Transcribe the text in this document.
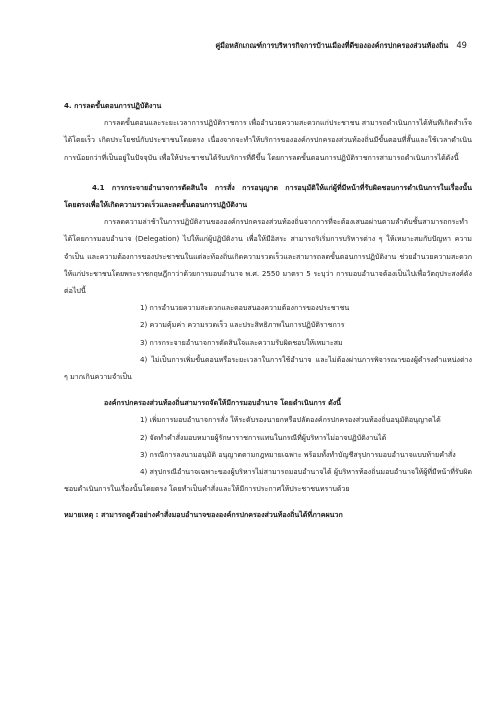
คู่มือหลักเกณฑ์การบริหารกิจการบ้านเมืองที่ดีขององค์กรปกครองส่วนท้องถิ่น 49

4. การลดขั้นตอนการปฏิบัติงาน

การลดขั้นตอนและระยะเวลาการปฏิบัติราชการ เพื่ออำนวยความสะดวกแก่ประชาชน สามารถดำเนินการได้ทันทีเกิดสำเร็จได้โดยเร็ว เกิดประโยชน์กับประชาชนโดยตรง เนื่องจากจะทำให้บริการขององค์กรปกครองส่วนท้องถิ่นมีขั้นตอนที่สั้นและใช้เวลาดำเนินการน้อยกว่าที่เป็นอยู่ในปัจจุบัน เพื่อให้ประชาชนได้รับบริการที่ดีขึ้น โดยการลดขั้นตอนการปฏิบัติราชการสามารถดำเนินการได้ดังนี้

4.1 การกระจายอำนาจการตัดสินใจ การสั่ง การอนุญาต การอนุมัติให้แก่ผู้ที่มีหน้าที่รับผิดชอบการดำเนินการในเรื่องนั้นโดยตรงเพื่อให้เกิดความรวดเร็วและลดขั้นตอนการปฏิบัติงาน

การลดความล่าช้าในการปฏิบัติงานขององค์กรปกครองส่วนท้องถิ่นจากการที่จะต้องเสนอผ่านตามลำดับชั้นสามารถกระทำได้โดยการมอบอำนาจ (Delegation) ไปให้แก่ผู้ปฏิบัติงาน เพื่อให้มีอิสระ สามารถริเริ่มการบริหารต่าง ๆ ให้เหมาะสมกับปัญหา ความจำเป็น และความต้องการของประชาชนในแต่ละท้องถิ่นเกิดความรวดเร็วและสามารถลดขั้นตอนการปฏิบัติงาน ช่วยอำนวยความสะดวกให้แก่ประชาชนโดยพระราชกฤษฎีกาว่าด้วยการมอบอำนาจ พ.ศ. 2550 มาตรา 5 ระบุว่า การมอบอำนาจต้องเป็นไปเพื่อวัตถุประสงค์ดังต่อไปนี้

1) การอำนวยความสะดวกและตอบสนองความต้องการของประชาชน

2) ความคุ้มค่า ความรวดเร็ว และประสิทธิภาพในการปฏิบัติราชการ

3) การกระจายอำนาจการตัดสินใจและความรับผิดชอบให้เหมาะสม

4) ไม่เป็นการเพิ่มขั้นตอนหรือระยะเวลาในการใช้อำนาจ และไม่ต้องผ่านการพิจารณาของผู้ดำรงตำแหน่งต่าง ๆ มากเกินความจำเป็น

องค์กรปกครองส่วนท้องถิ่นสามารถจัดให้มีการมอบอำนาจ โดยดำเนินการ ดังนี้

1) เพิ่มการมอบอำนาจการสั่ง ให้ระดับรองนายกหรือปลัดองค์กรปกครองส่วนท้องถิ่นอนุมัติอนุญาตได้

2) จัดทำคำสั่งมอบหมายผู้รักษาราชการแทนในกรณีที่ผู้บริหารไม่อาจปฏิบัติงานได้

3) กรณีการลงนามอนุมัติ อนุญาตตามกฎหมายเฉพาะ พร้อมทั้งทำบัญชีสรุปการมอบอำนาจแบบท้ายคำสั่ง

4) สรุปกรณีอำนาจเฉพาะของผู้บริหารไม่สามารถมอบอำนาจได้ ผู้บริหารท้องถิ่นมอบอำนาจให้ผู้ที่มีหน้าที่รับผิดชอบดำเนินการในเรื่องนั้นโดยตรง โดยทำเป็นคำสั่งและให้มีการประกาศให้ประชาชนทราบด้วย

หมายเหตุ : สามารถดูตัวอย่างคำสั่งมอบอำนาจขององค์กรปกครองส่วนท้องถิ่นได้ที่ภาคผนวก
